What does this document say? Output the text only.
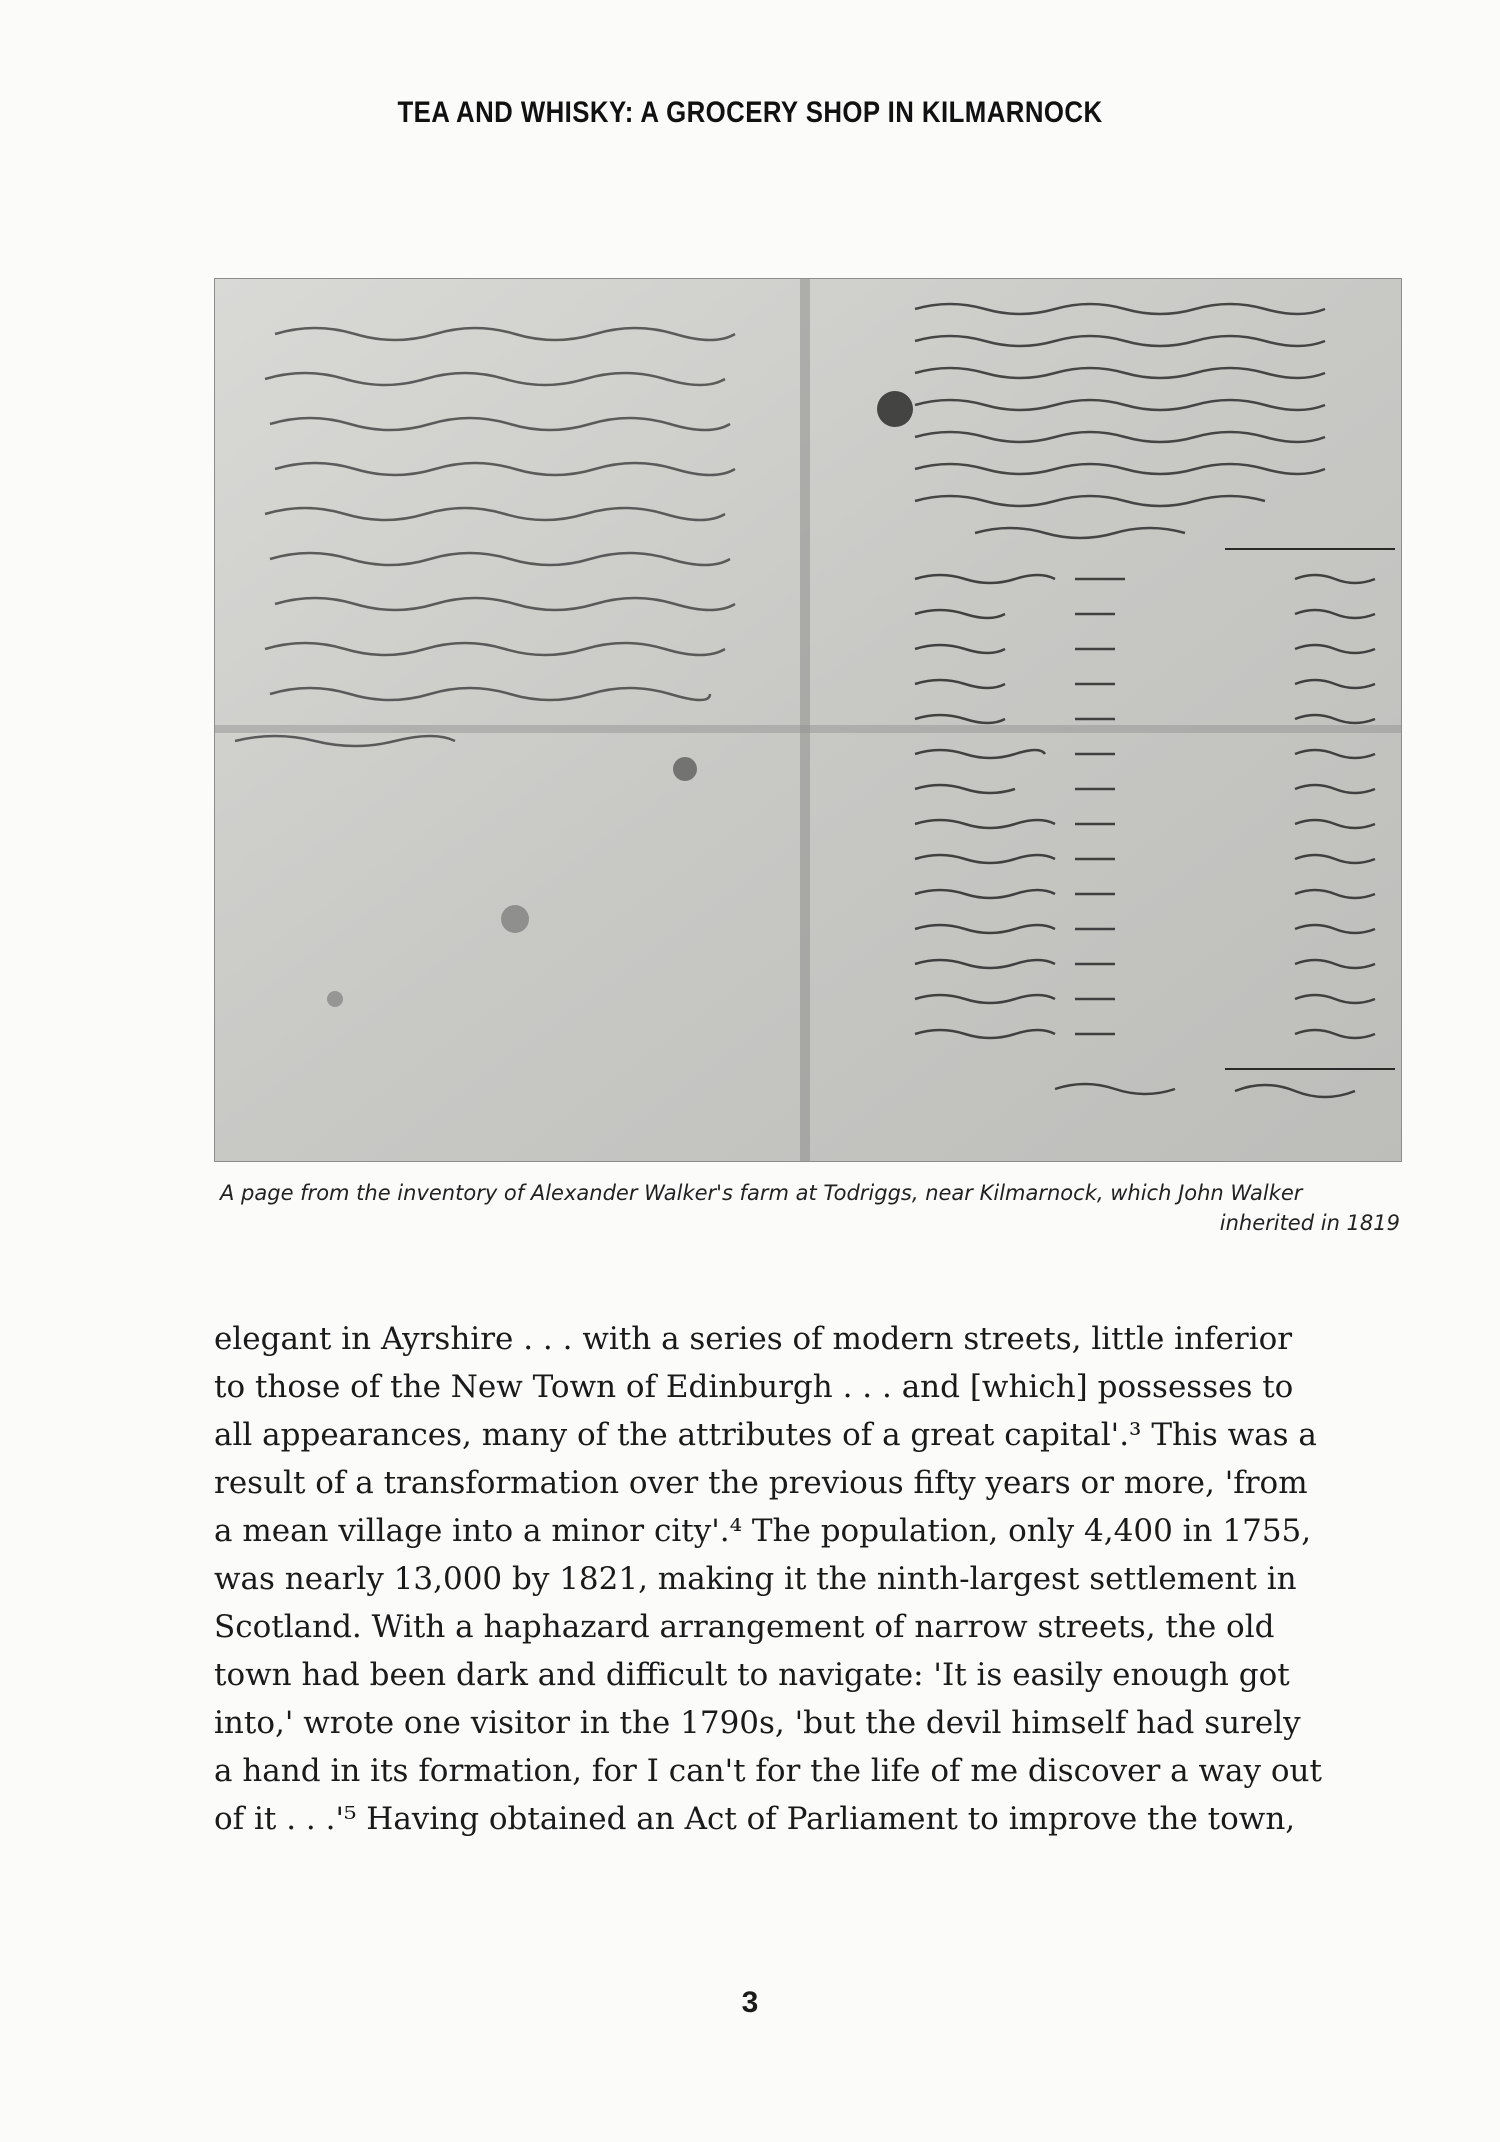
TEA AND WHISKY: A GROCERY SHOP IN KILMARNOCK
A page from the inventory of Alexander Walker's farm at Todriggs, near Kilmarnock, which John Walker
inherited in 1819
elegant in Ayrshire . . . with a series of modern streets, little inferior
to those of the New Town of Edinburgh . . . and [which] possesses to
all appearances, many of the attributes of a great capital'.³ This was a
result of a transformation over the previous fifty years or more, 'from
a mean village into a minor city'.⁴ The population, only 4,400 in 1755,
was nearly 13,000 by 1821, making it the ninth-largest settlement in
Scotland. With a haphazard arrangement of narrow streets, the old
town had been dark and difficult to navigate: 'It is easily enough got
into,' wrote one visitor in the 1790s, 'but the devil himself had surely
a hand in its formation, for I can't for the life of me discover a way out
of it . . .'⁵ Having obtained an Act of Parliament to improve the town,
3
